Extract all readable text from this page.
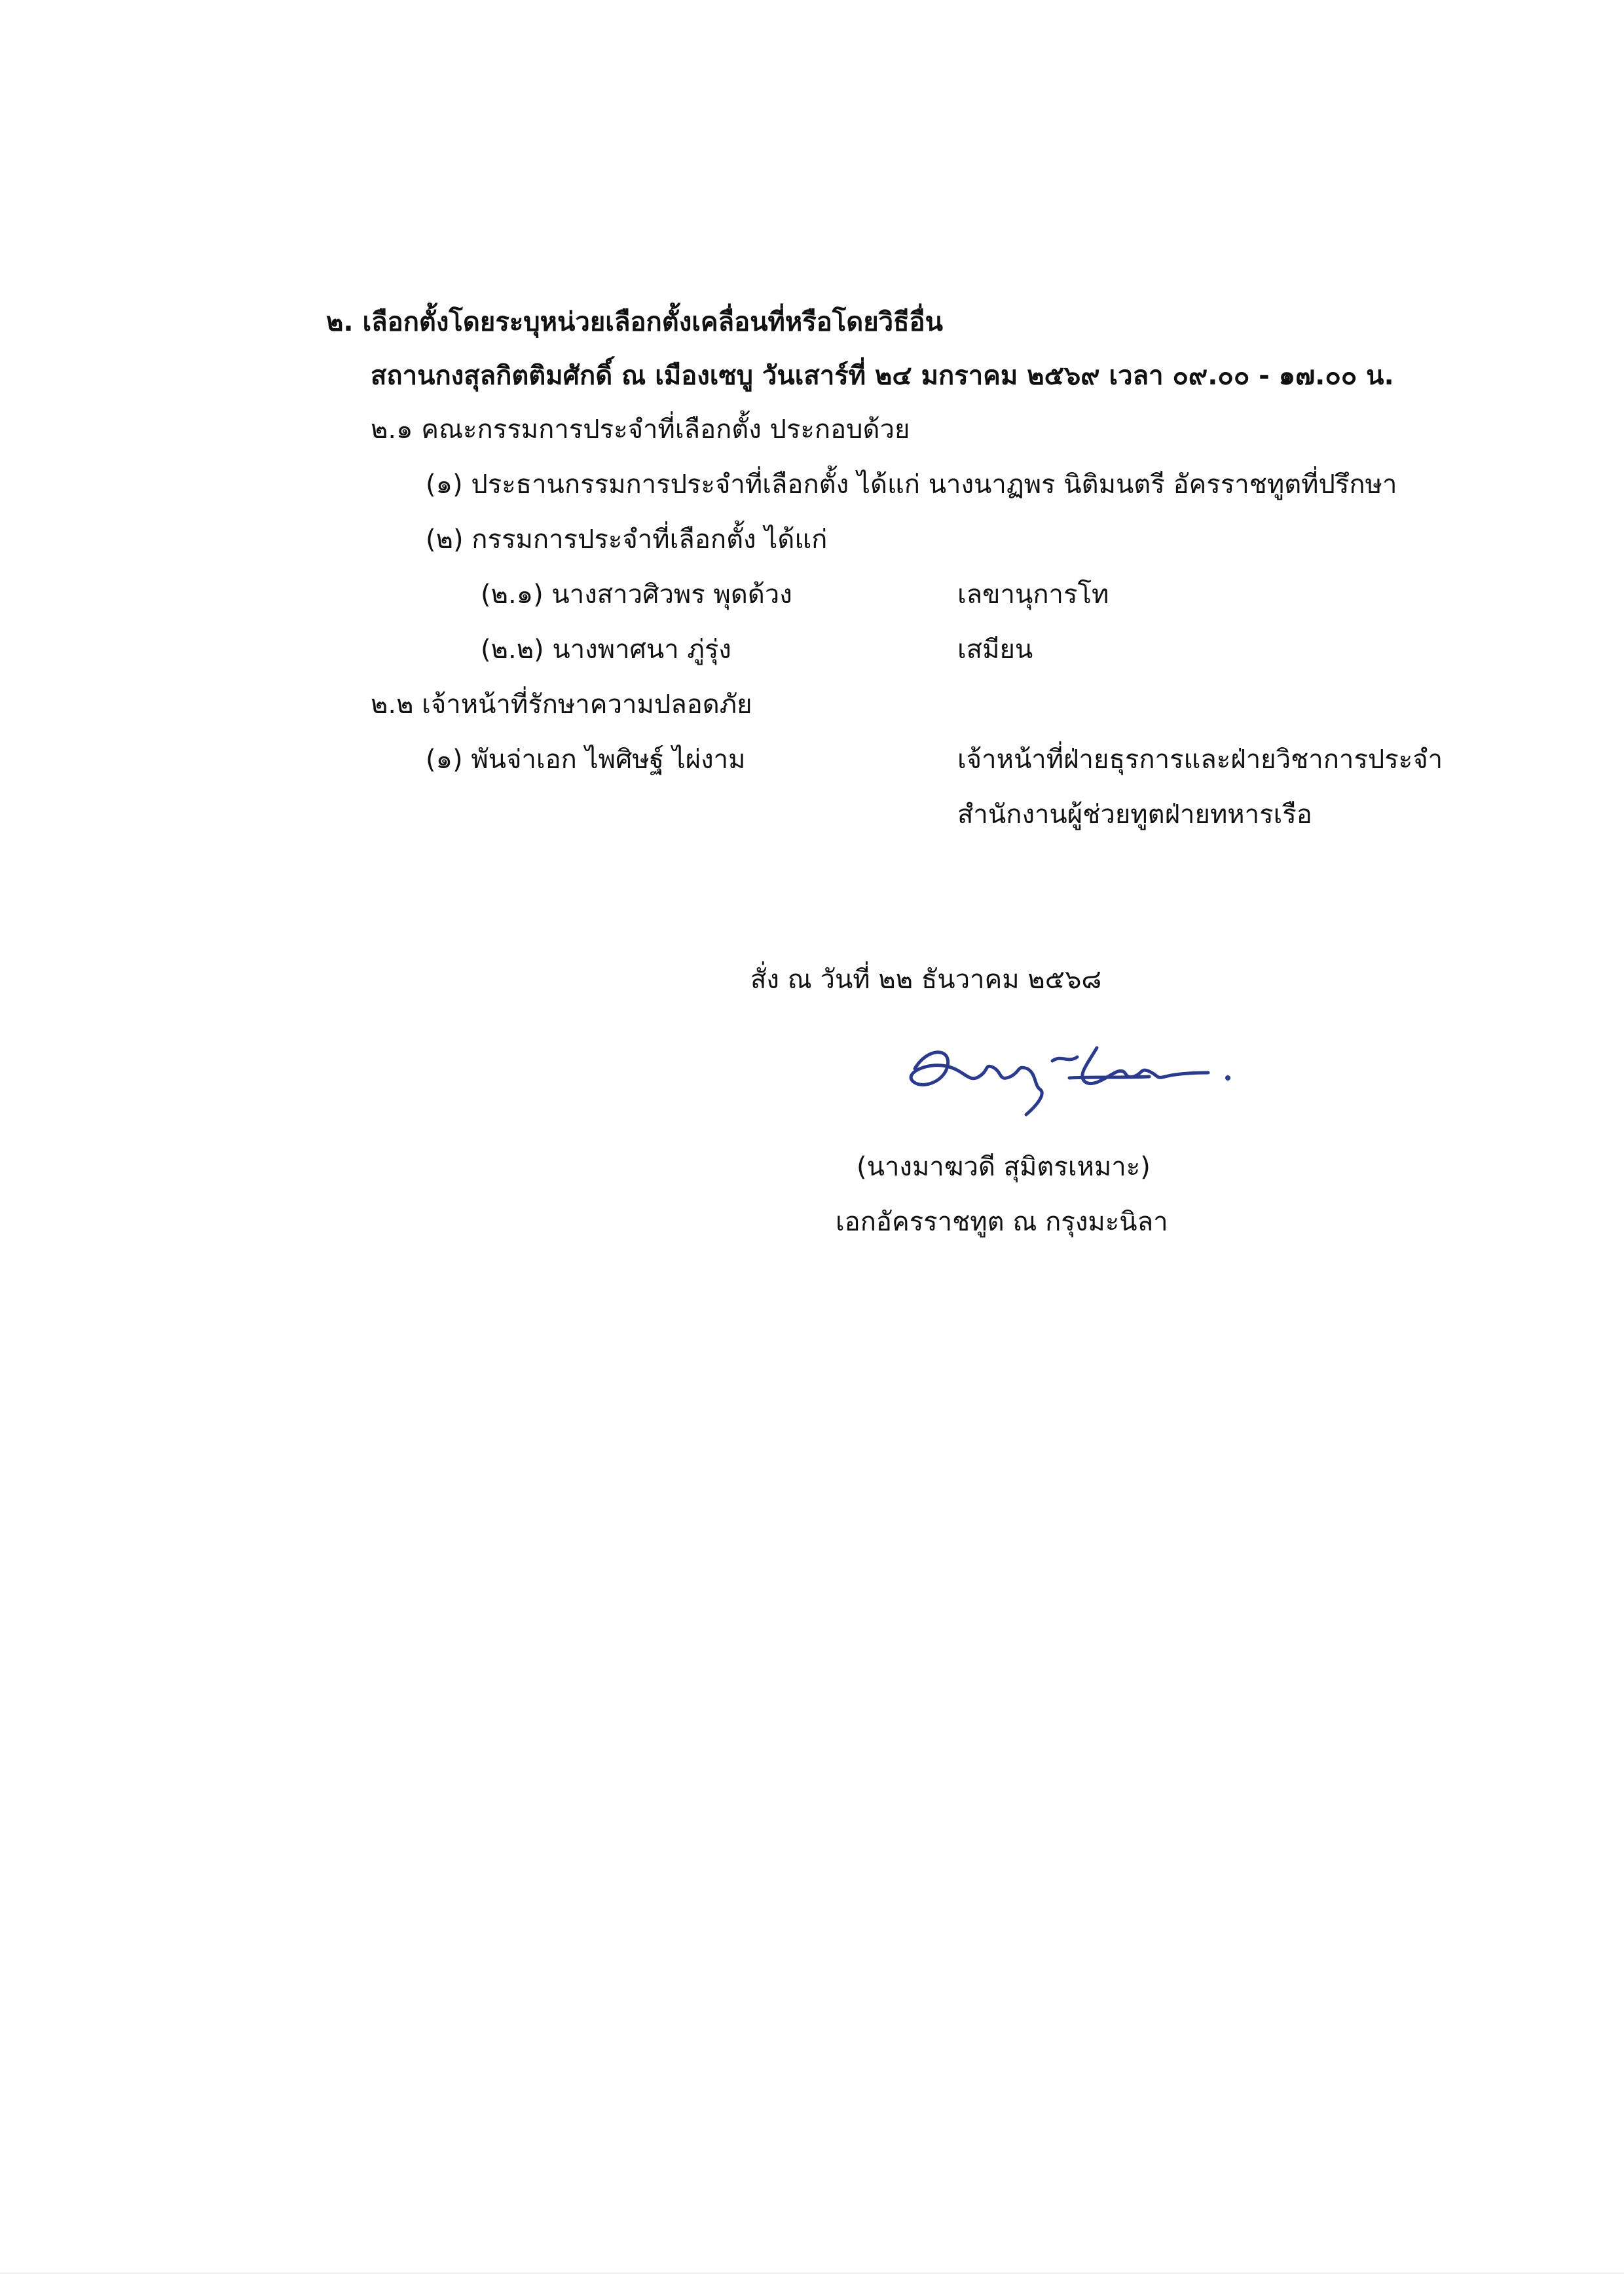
๒. เลือกตั้งโดยระบุหน่วยเลือกตั้งเคลื่อนที่หรือโดยวิธีอื่น
สถานกงสุลกิตติมศักดิ์ ณ เมืองเซบู วันเสาร์ที่ ๒๔ มกราคม ๒๕๖๙ เวลา ๐๙.๐๐ - ๑๗.๐๐ น.
๒.๑ คณะกรรมการประจำที่เลือกตั้ง ประกอบด้วย
(๑) ประธานกรรมการประจำที่เลือกตั้ง ได้แก่ นางนาฏพร นิติมนตรี อัครราชทูตที่ปรึกษา
(๒) กรรมการประจำที่เลือกตั้ง ได้แก่
(๒.๑) นางสาวศิวพร พุดด้วง	เลขานุการโท
(๒.๒) นางพาศนา ภู่รุ่ง	เสมียน
๒.๒ เจ้าหน้าที่รักษาความปลอดภัย
(๑) พันจ่าเอก ไพศิษฐ์ ไผ่งาม	เจ้าหน้าที่ฝ่ายธุรการและฝ่ายวิชาการประจำ
สำนักงานผู้ช่วยทูตฝ่ายทหารเรือ
สั่ง ณ วันที่ ๒๒ ธันวาคม ๒๕๖๘
(นางมาฆวดี สุมิตรเหมาะ)
เอกอัครราชทูต ณ กรุงมะนิลา
